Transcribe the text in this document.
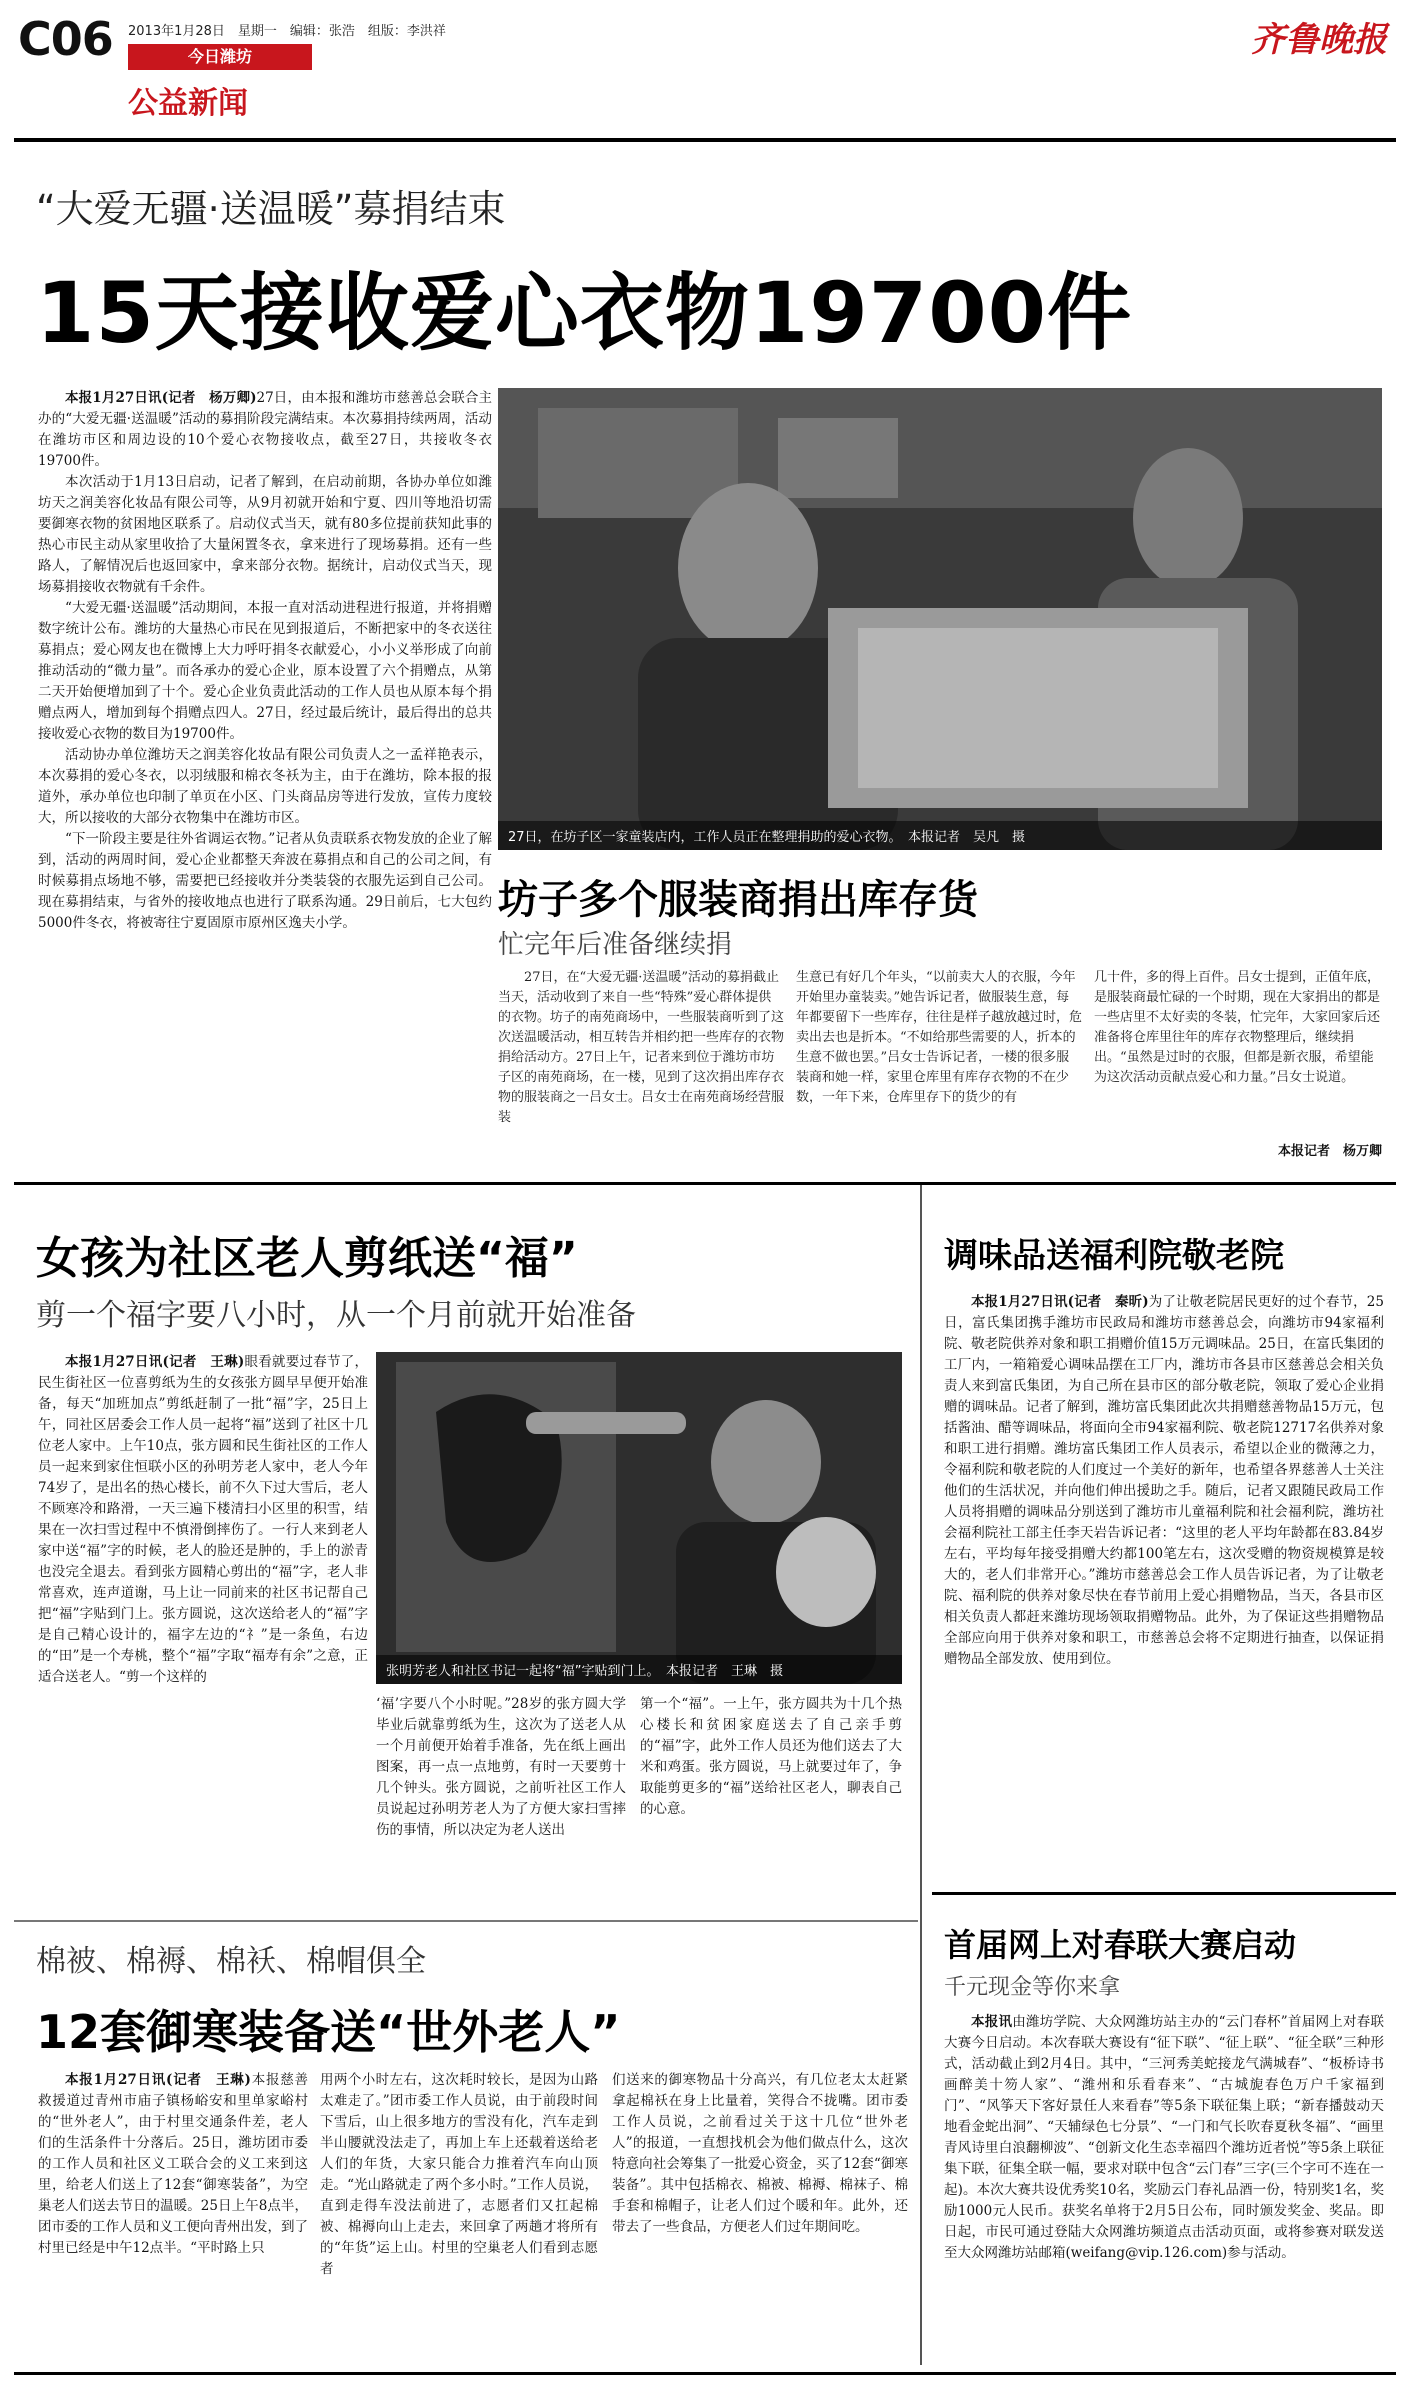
C06 2013年1月28日　星期一　编辑：张浩　组版：李洪祥
今日潍坊
公益新闻
齐鲁晚报
“大爱无疆·送温暖”募捐结束
15天接收爱心衣物19700件

本报1月27日讯(记者　杨万卿)27日，由本报和潍坊市慈善总会联合主办的“大爱无疆·送温暖”活动的募捐阶段完满结束。本次募捐持续两周，活动在潍坊市区和周边设的10个爱心衣物接收点，截至27日，共接收冬衣19700件。

本次活动于1月13日启动，记者了解到，在启动前期，各协办单位如潍坊天之润美容化妆品有限公司等，从9月初就开始和宁夏、四川等地沿切需要御寒衣物的贫困地区联系了。启动仪式当天，就有80多位提前获知此事的热心市民主动从家里收拾了大量闲置冬衣，拿来进行了现场募捐。还有一些路人，了解情况后也返回家中，拿来部分衣物。据统计，启动仪式当天，现场募捐接收衣物就有千余件。

“大爱无疆·送温暖”活动期间，本报一直对活动进程进行报道，并将捐赠数字统计公布。潍坊的大量热心市民在见到报道后，不断把家中的冬衣送往募捐点；爱心网友也在微博上大力呼吁捐冬衣献爱心，小小义举形成了向前推动活动的“微力量”。而各承办的爱心企业，原本设置了六个捐赠点，从第二天开始便增加到了十个。爱心企业负责此活动的工作人员也从原本每个捐赠点两人，增加到每个捐赠点四人。27日，经过最后统计，最后得出的总共接收爱心衣物的数目为19700件。

活动协办单位潍坊天之润美容化妆品有限公司负责人之一孟祥艳表示，本次募捐的爱心冬衣，以羽绒服和棉衣冬袄为主，由于在潍坊，除本报的报道外，承办单位也印制了单页在小区、门头商品房等进行发放，宣传力度较大，所以接收的大部分衣物集中在潍坊市区。

“下一阶段主要是往外省调运衣物。”记者从负责联系衣物发放的企业了解到，活动的两周时间，爱心企业都整天奔波在募捐点和自己的公司之间，有时候募捐点场地不够，需要把已经接收并分类装袋的衣服先运到自己公司。现在募捐结束，与省外的接收地点也进行了联系沟通。29日前后，七大包约5000件冬衣，将被寄往宁夏固原市原州区逸夫小学。

27日，在坊子区一家童装店内，工作人员正在整理捐助的爱心衣物。　本报记者　吴凡　摄
坊子多个服装商捐出库存货
忙完年后准备继续捐
27日，在“大爱无疆·送温暖”活动的募捐截止当天，活动收到了来自一些“特殊”爱心群体提供的衣物。坊子的南苑商场中，一些服装商听到了这次送温暖活动，相互转告并相约把一些库存的衣物捐给活动方。27日上午，记者来到位于潍坊市坊子区的南苑商场，在一楼，见到了这次捐出库存衣物的服装商之一吕女士。吕女士在南苑商场经营服装
生意已有好几个年头，“以前卖大人的衣服，今年开始里办童装卖。”她告诉记者，做服装生意，每年都要留下一些库存，往往是样子越放越过时，危卖出去也是折本。“不如给那些需要的人，折本的生意不做也罢。”吕女士告诉记者，一楼的很多服装商和她一样，家里仓库里有库存衣物的不在少数，一年下来，仓库里存下的货少的有
几十件，多的得上百件。吕女士提到，正值年底，是服装商最忙碌的一个时期，现在大家捐出的都是一些店里不太好卖的冬装，忙完年，大家回家后还准备将仓库里往年的库存衣物整理后，继续捐出。“虽然是过时的衣服，但都是新衣服，希望能为这次活动贡献点爱心和力量。”吕女士说道。
本报记者　杨万卿
女孩为社区老人剪纸送“福”
剪一个福字要八小时，从一个月前就开始准备

本报1月27日讯(记者　王琳)眼看就要过春节了，民生街社区一位喜剪纸为生的女孩张方圆早早便开始准备，每天“加班加点”剪纸赶制了一批“福”字，25日上午，同社区居委会工作人员一起将“福”送到了社区十几位老人家中。上午10点，张方圆和民生街社区的工作人员一起来到家住恒联小区的孙明芳老人家中，老人今年74岁了，是出名的热心楼长，前不久下过大雪后，老人不顾寒冷和路滑，一天三遍下楼清扫小区里的积雪，结果在一次扫雪过程中不慎滑倒摔伤了。一行人来到老人家中送“福”字的时候，老人的脸还是肿的，手上的淤青也没完全退去。看到张方圆精心剪出的“福”字，老人非常喜欢，连声道谢，马上让一同前来的社区书记帮自己把“福”字贴到门上。张方圆说，这次送给老人的“福”字是自己精心设计的，福字左边的“礻”是一条鱼，右边的“田”是一个寿桃，整个“福”字取“福寿有余”之意，正适合送老人。“剪一个这样的	张明芳老人和社区书记一起将“福”字贴到门上。　本报记者　王琳　摄
‘福’字要八个小时呢。”28岁的张方圆大学毕业后就靠剪纸为生，这次为了送老人从一个月前便开始着手准备，先在纸上画出图案，再一点一点地剪，有时一天要剪十几个钟头。张方圆说，之前听社区工作人员说起过孙明芳老人为了方便大家扫雪摔伤的事情，所以决定为老人送出
第一个“福”。一上午，张方圆共为十几个热心楼长和贫困家庭送去了自己亲手剪的“福”字，此外工作人员还为他们送去了大米和鸡蛋。张方圆说，马上就要过年了，争取能剪更多的“福”送给社区老人，聊表自己的心意。
调味品送福利院敬老院

本报1月27日讯(记者　秦昕)为了让敬老院居民更好的过个春节，25日，富氏集团携手潍坊市民政局和潍坊市慈善总会，向潍坊市94家福利院、敬老院供养对象和职工捐赠价值15万元调味品。25日，在富氏集团的工厂内，一箱箱爱心调味品摆在工厂内，潍坊市各县市区慈善总会相关负责人来到富氏集团，为自己所在县市区的部分敬老院，领取了爱心企业捐赠的调味品。记者了解到，潍坊富氏集团此次共捐赠慈善物品15万元，包括酱油、醋等调味品，将面向全市94家福利院、敬老院12717名供养对象和职工进行捐赠。潍坊富氏集团工作人员表示，希望以企业的微薄之力，令福利院和敬老院的人们度过一个美好的新年，也希望各界慈善人士关注他们的生活状况，并向他们伸出援助之手。随后，记者又跟随民政局工作人员将捐赠的调味品分别送到了潍坊市儿童福利院和社会福利院，潍坊社会福利院社工部主任李天岩告诉记者：“这里的老人平均年龄都在83.84岁左右，平均每年接受捐赠大约都100笔左右，这次受赠的物资规模算是较大的，老人们非常开心。”潍坊市慈善总会工作人员告诉记者，为了让敬老院、福利院的供养对象尽快在春节前用上爱心捐赠物品，当天，各县市区相关负责人都赶来潍坊现场领取捐赠物品。此外，为了保证这些捐赠物品全部应向用于供养对象和职工，市慈善总会将不定期进行抽查，以保证捐赠物品全部发放、使用到位。

首届网上对春联大赛启动
千元现金等你来拿

本报讯由潍坊学院、大众网潍坊站主办的“云门春杯”首届网上对春联大赛今日启动。本次春联大赛设有“征下联”、“征上联”、“征全联”三种形式，活动截止到2月4日。其中，“三河秀美蛇接龙气满城春”、“板桥诗书画醉美十笏人家”、“潍州和乐看春来”、“古城旎春色万户千家福到门”、“风筝天下客好景任人来看春”等5条下联征集上联；“新春播鼓动天地看金蛇出洞”、“天辅绿色七分景”、“一门和气长吹春夏秋冬福”、“画里青风诗里白浪翻柳波”、“创新文化生态幸福四个潍坊近者悦”等5条上联征集下联，征集全联一幅，要求对联中包含“云门春”三字(三个字可不连在一起)。本次大赛共设优秀奖10名，奖励云门春礼品酒一份，特别奖1名，奖励1000元人民币。获奖名单将于2月5日公布，同时颁发奖金、奖品。即日起，市民可通过登陆大众网潍坊频道点击活动页面，或将参赛对联发送至大众网潍坊站邮箱(weifang@vip.126.com)参与活动。

棉被、棉褥、棉袄、棉帽俱全
12套御寒装备送“世外老人”

本报1月27日讯(记者　王琳)本报慈善救援道过青州市庙子镇杨峪安和里单家峪村的“世外老人”，由于村里交通条件差，老人们的生活条件十分落后。25日，潍坊团市委的工作人员和社区义工联合会的义工来到这里，给老人们送上了12套“御寒装备”，为空巢老人们送去节日的温暖。25日上午8点半，团市委的工作人员和义工便向青州出发，到了村里已经是中午12点半。“平时路上只

用两个小时左右，这次耗时较长，是因为山路太难走了。”团市委工作人员说，由于前段时间下雪后，山上很多地方的雪没有化，汽车走到半山腰就没法走了，再加上车上还载着送给老人们的年货，大家只能合力推着汽车向山顶走。“光山路就走了两个多小时。”工作人员说，直到走得车没法前进了，志愿者们又扛起棉被、棉褥向山上走去，来回拿了两趟才将所有的“年货”运上山。村里的空巢老人们看到志愿者
们送来的御寒物品十分高兴，有几位老太太赶紧拿起棉袄在身上比量着，笑得合不拢嘴。团市委工作人员说，之前看过关于这十几位“世外老人”的报道，一直想找机会为他们做点什么，这次特意向社会筹集了一批爱心资金，买了12套“御寒装备”。其中包括棉衣、棉被、棉褥、棉袜子、棉手套和棉帽子，让老人们过个暖和年。此外，还带去了一些食品，方便老人们过年期间吃。
